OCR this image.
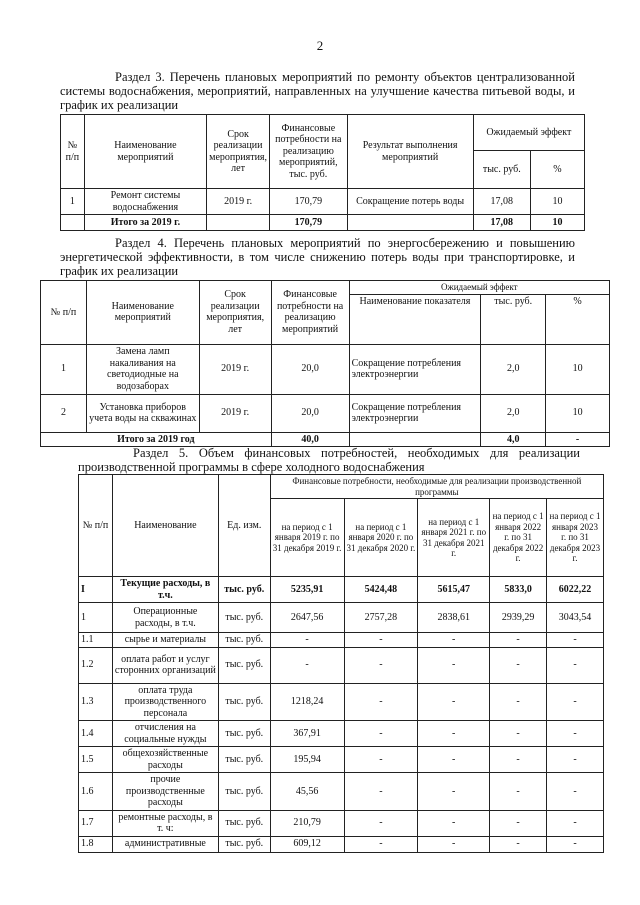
2
Раздел 3. Перечень плановых мероприятий по ремонту объектов централизованной системы водоснабжения, мероприятий, направленных на улучшение качества питьевой воды, и график их реализации
№ п/п	Наименование мероприятий	Срок реализации мероприятия, лет	Финансовые потребности на реализацию мероприятий, тыс. руб.	Результат выполнения мероприятий	Ожидаемый эффект	
					тыс. руб.	%
1	Ремонт системы водоснабжения	2019 г.	170,79	Сокращение потерь воды	17,08	10
	Итого за 2019 г.		170,79		17,08	10
Раздел 4. Перечень плановых мероприятий по энергосбережению и повышению энергетической эффективности, в том числе снижению потерь воды при транспортировке, и график их реализации
№ п/п	Наименование мероприятий	Срок реализации мероприятия, лет	Финансовые потребности на реализацию мероприятий	Ожидаемый эффект		
				Наименование показателя	тыс. руб.	%
1	Замена ламп накаливания на светодиодные на водозаборах	2019 г.	20,0	Сокращение потребления электроэнергии	2,0	10
2	Установка приборов учета воды на скважинах	2019 г.	20,0	Сокращение потребления электроэнергии	2,0	10
Итого за 2019 год			40,0		4,0	-
Раздел 5. Объем финансовых потребностей, необходимых для реализации производственной программы в сфере холодного водоснабжения
№ п/п	Наименование	Ед. изм.	Финансовые потребности, необходимые для реализации производственной программы				
			на период с 1 января 2019 г. по 31 декабря 2019 г.	на период с 1 января 2020 г. по 31 декабря 2020 г.	на период с 1 января 2021 г. по 31 декабря 2021 г.	на период с 1 января 2022 г. по 31 декабря 2022 г.	на период с 1 января 2023 г. по 31 декабря 2023 г.
I	Текущие расходы, в т.ч.	тыс. руб.	5235,91	5424,48	5615,47	5833,0	6022,22
1	Операционные расходы, в т.ч.	тыс. руб.	2647,56	2757,28	2838,61	2939,29	3043,54
1.1	сырье и материалы	тыс. руб.	-	-	-	-	-
1.2	оплата работ и услуг сторонних организаций	тыс. руб.	-	-	-	-	-
1.3	оплата труда производственного персонала	тыс. руб.	1218,24	-	-	-	-
1.4	отчисления на социальные нужды	тыс. руб.	367,91	-	-	-	-
1.5	общехозяйственные расходы	тыс. руб.	195,94	-	-	-	-
1.6	прочие производственные расходы	тыс. руб.	45,56	-	-	-	-
1.7	ремонтные расходы, в т. ч:	тыс. руб.	210,79	-	-	-	-
1.8	административные	тыс. руб.	609,12	-	-	-	-
